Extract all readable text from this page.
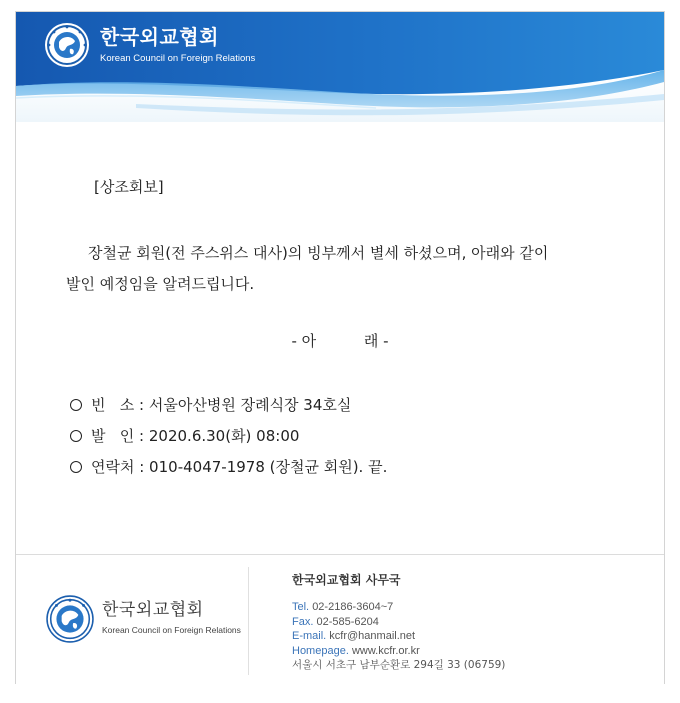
한국외교협회
Korean Council on Foreign Relations
[상조회보]
장철균 회원(전 주스위스 대사)의 빙부께서 별세 하셨으며, 아래와 같이
발인 예정임을 알려드립니다.
- 아          래 -
빈   소 : 서울아산병원 장례식장 34호실
발   인 : 2020.6.30(화) 08:00
연락처 : 010-4047-1978 (장철균 회원). 끝.
한국외교협회
Korean Council on Foreign Relations
한국외교협회 사무국
Tel. 02-2186-3604~7
Fax. 02-585-6204
E-mail. kcfr@hanmail.net
Homepage. www.kcfr.or.kr
서울시 서초구 남부순환로 294길 33 (06759)
